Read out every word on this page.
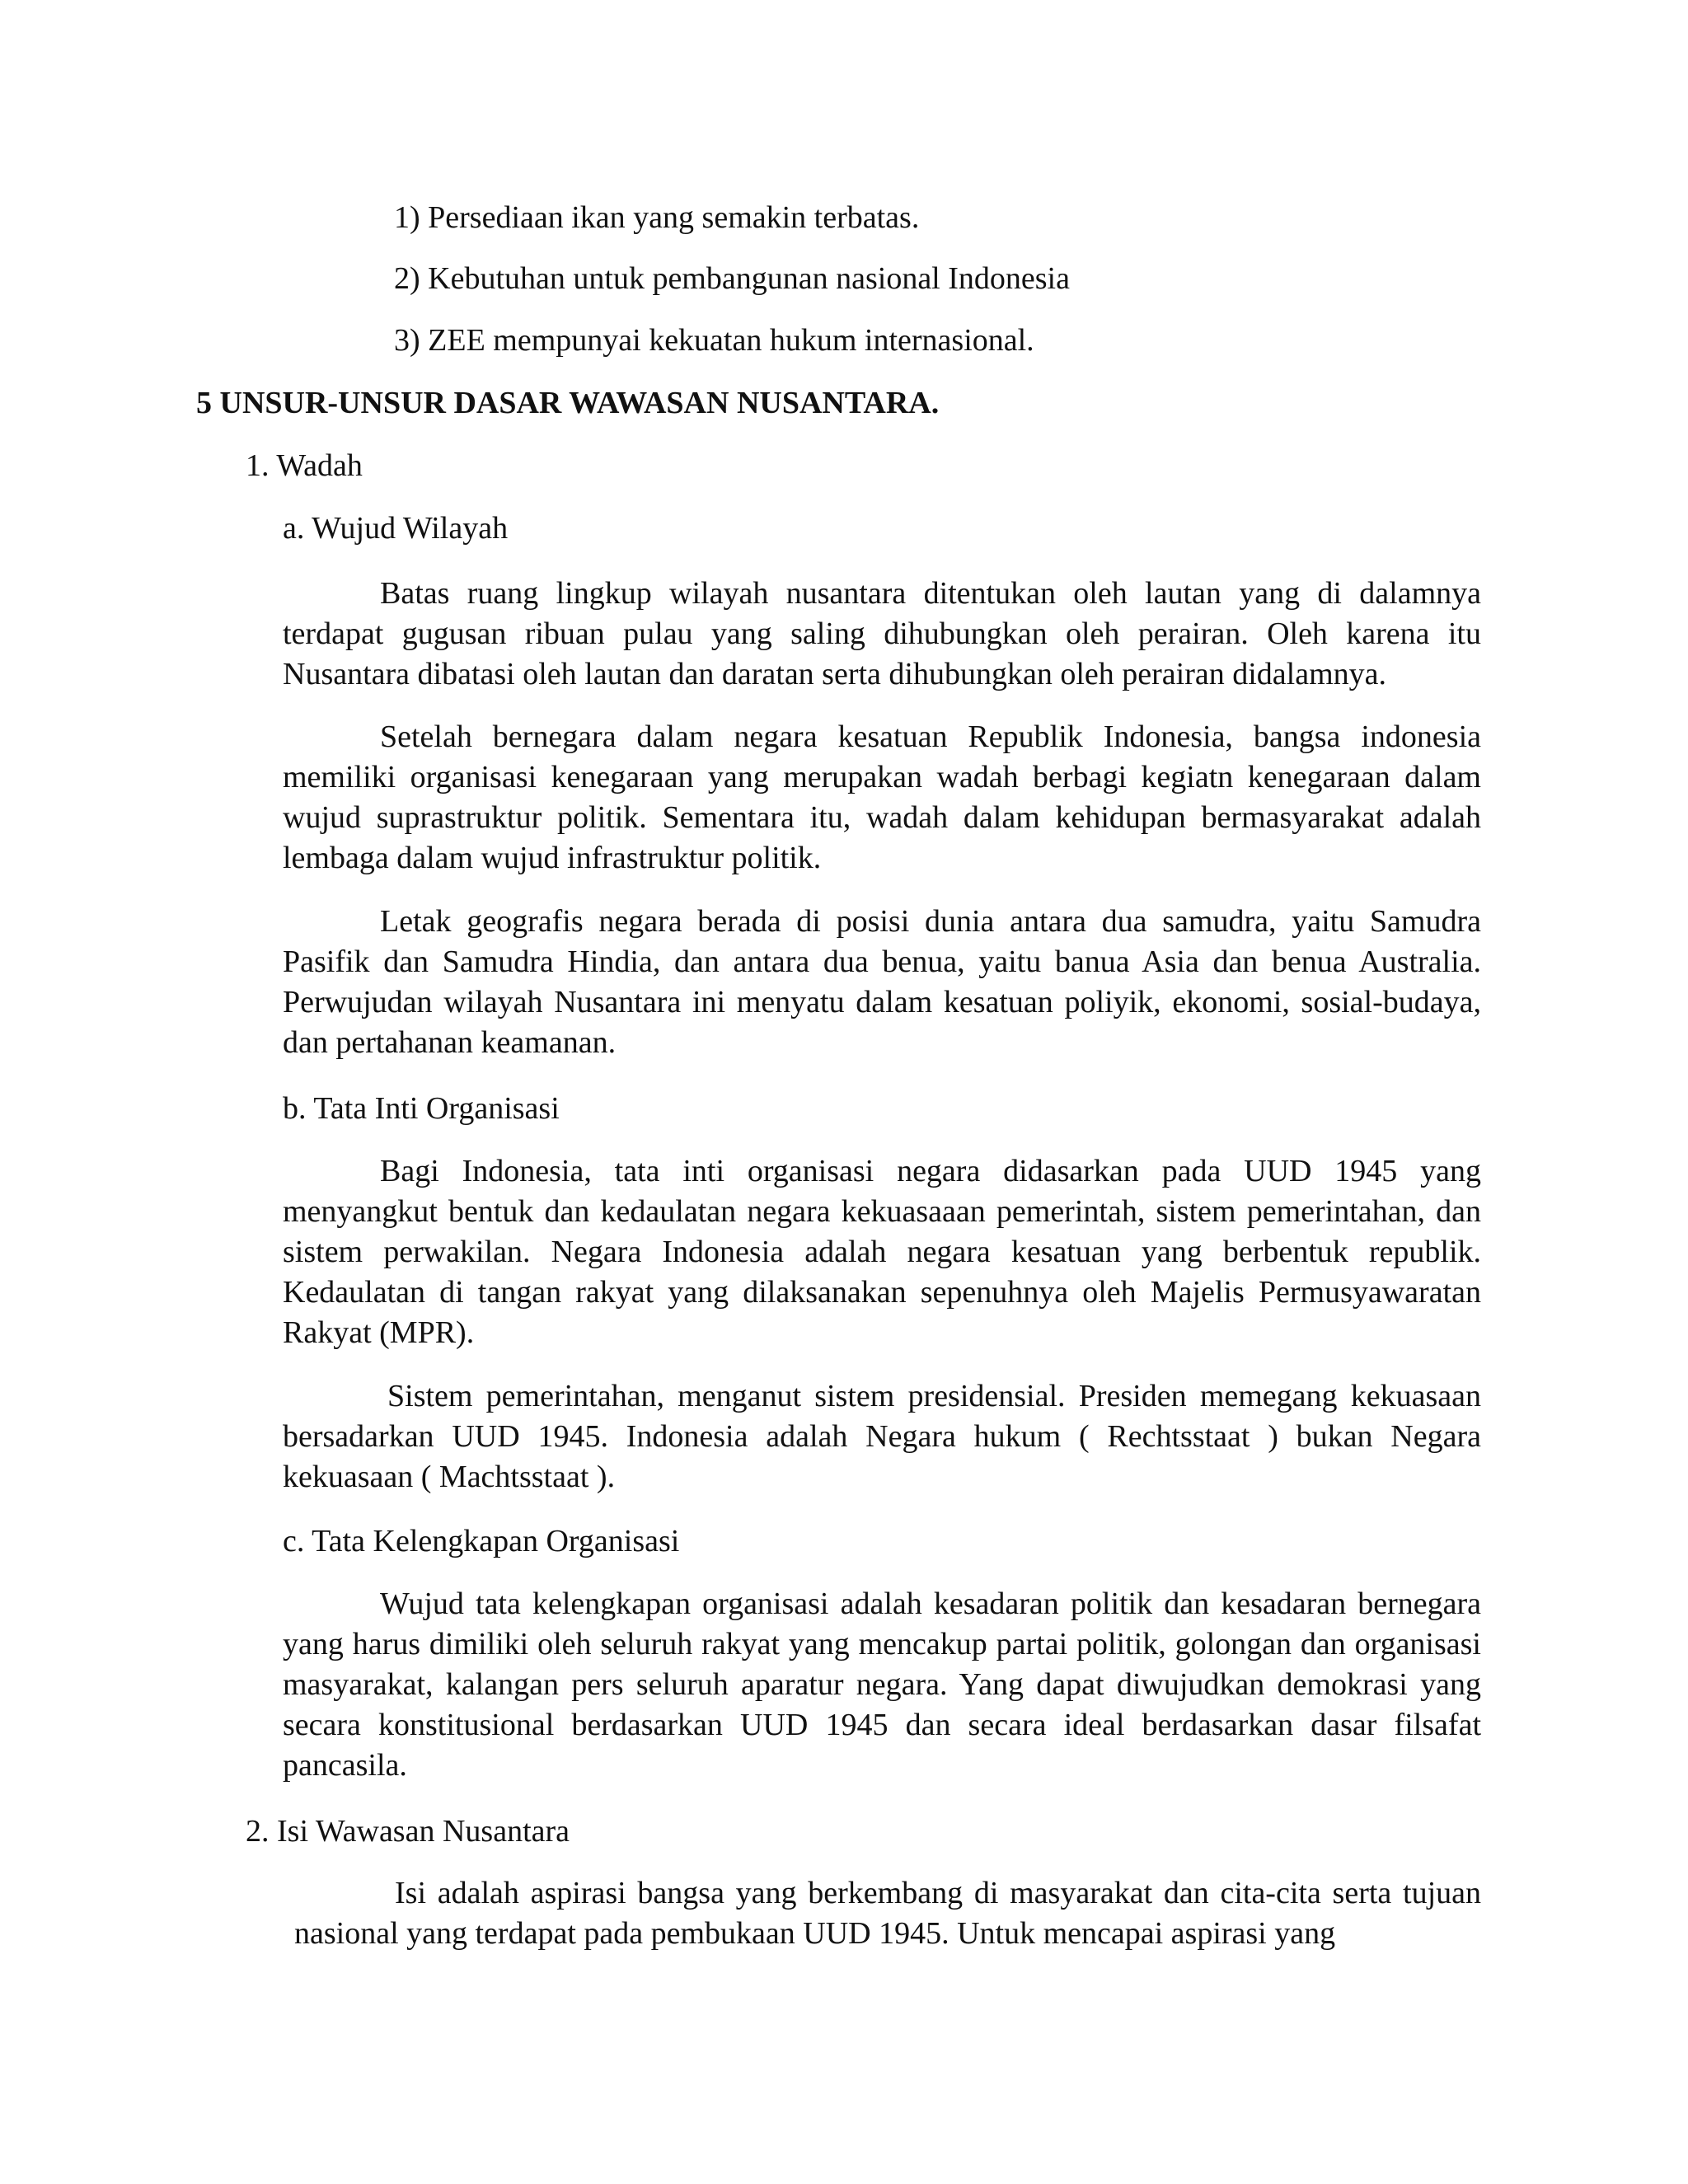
1) Persediaan ikan yang semakin terbatas.

2) Kebutuhan untuk pembangunan nasional Indonesia

3) ZEE mempunyai kekuatan hukum internasional.

5 UNSUR-UNSUR DASAR WAWASAN NUSANTARA.

1. Wadah

a. Wujud Wilayah

Batas ruang lingkup wilayah nusantara ditentukan oleh lautan yang di dalamnya terdapat gugusan ribuan pulau yang saling dihubungkan oleh perairan. Oleh karena itu Nusantara dibatasi oleh lautan dan daratan serta dihubungkan oleh perairan didalamnya.

Setelah bernegara dalam negara kesatuan Republik Indonesia, bangsa indonesia memiliki organisasi kenegaraan yang merupakan wadah berbagi kegiatn kenegaraan dalam wujud suprastruktur politik. Sementara itu, wadah dalam kehidupan bermasyarakat adalah lembaga dalam wujud infrastruktur politik.

Letak geografis negara berada di posisi dunia antara dua samudra, yaitu Samudra Pasifik dan Samudra Hindia, dan antara dua benua, yaitu banua Asia dan benua Australia. Perwujudan wilayah Nusantara ini menyatu dalam kesatuan poliyik, ekonomi, sosial-budaya, dan pertahanan keamanan.

b. Tata Inti Organisasi

Bagi Indonesia, tata inti organisasi negara didasarkan pada UUD 1945 yang menyangkut bentuk dan kedaulatan negara kekuasaaan pemerintah, sistem pemerintahan, dan sistem perwakilan. Negara Indonesia adalah negara kesatuan yang berbentuk republik. Kedaulatan di tangan rakyat yang dilaksanakan sepenuhnya oleh Majelis Permusyawaratan Rakyat (MPR).

Sistem pemerintahan, menganut sistem presidensial. Presiden memegang kekuasaan bersadarkan UUD 1945. Indonesia adalah Negara hukum ( Rechtsstaat ) bukan Negara kekuasaan ( Machtsstaat ).

c. Tata Kelengkapan Organisasi

Wujud tata kelengkapan organisasi adalah kesadaran politik dan kesadaran bernegara yang harus dimiliki oleh seluruh rakyat yang mencakup partai politik, golongan dan organisasi masyarakat, kalangan pers seluruh aparatur negara. Yang dapat diwujudkan demokrasi yang secara konstitusional berdasarkan UUD 1945 dan secara ideal berdasarkan dasar filsafat pancasila.

2. Isi Wawasan Nusantara

Isi adalah aspirasi bangsa yang berkembang di masyarakat dan cita-cita serta tujuan nasional yang terdapat pada pembukaan UUD 1945. Untuk mencapai aspirasi yang
